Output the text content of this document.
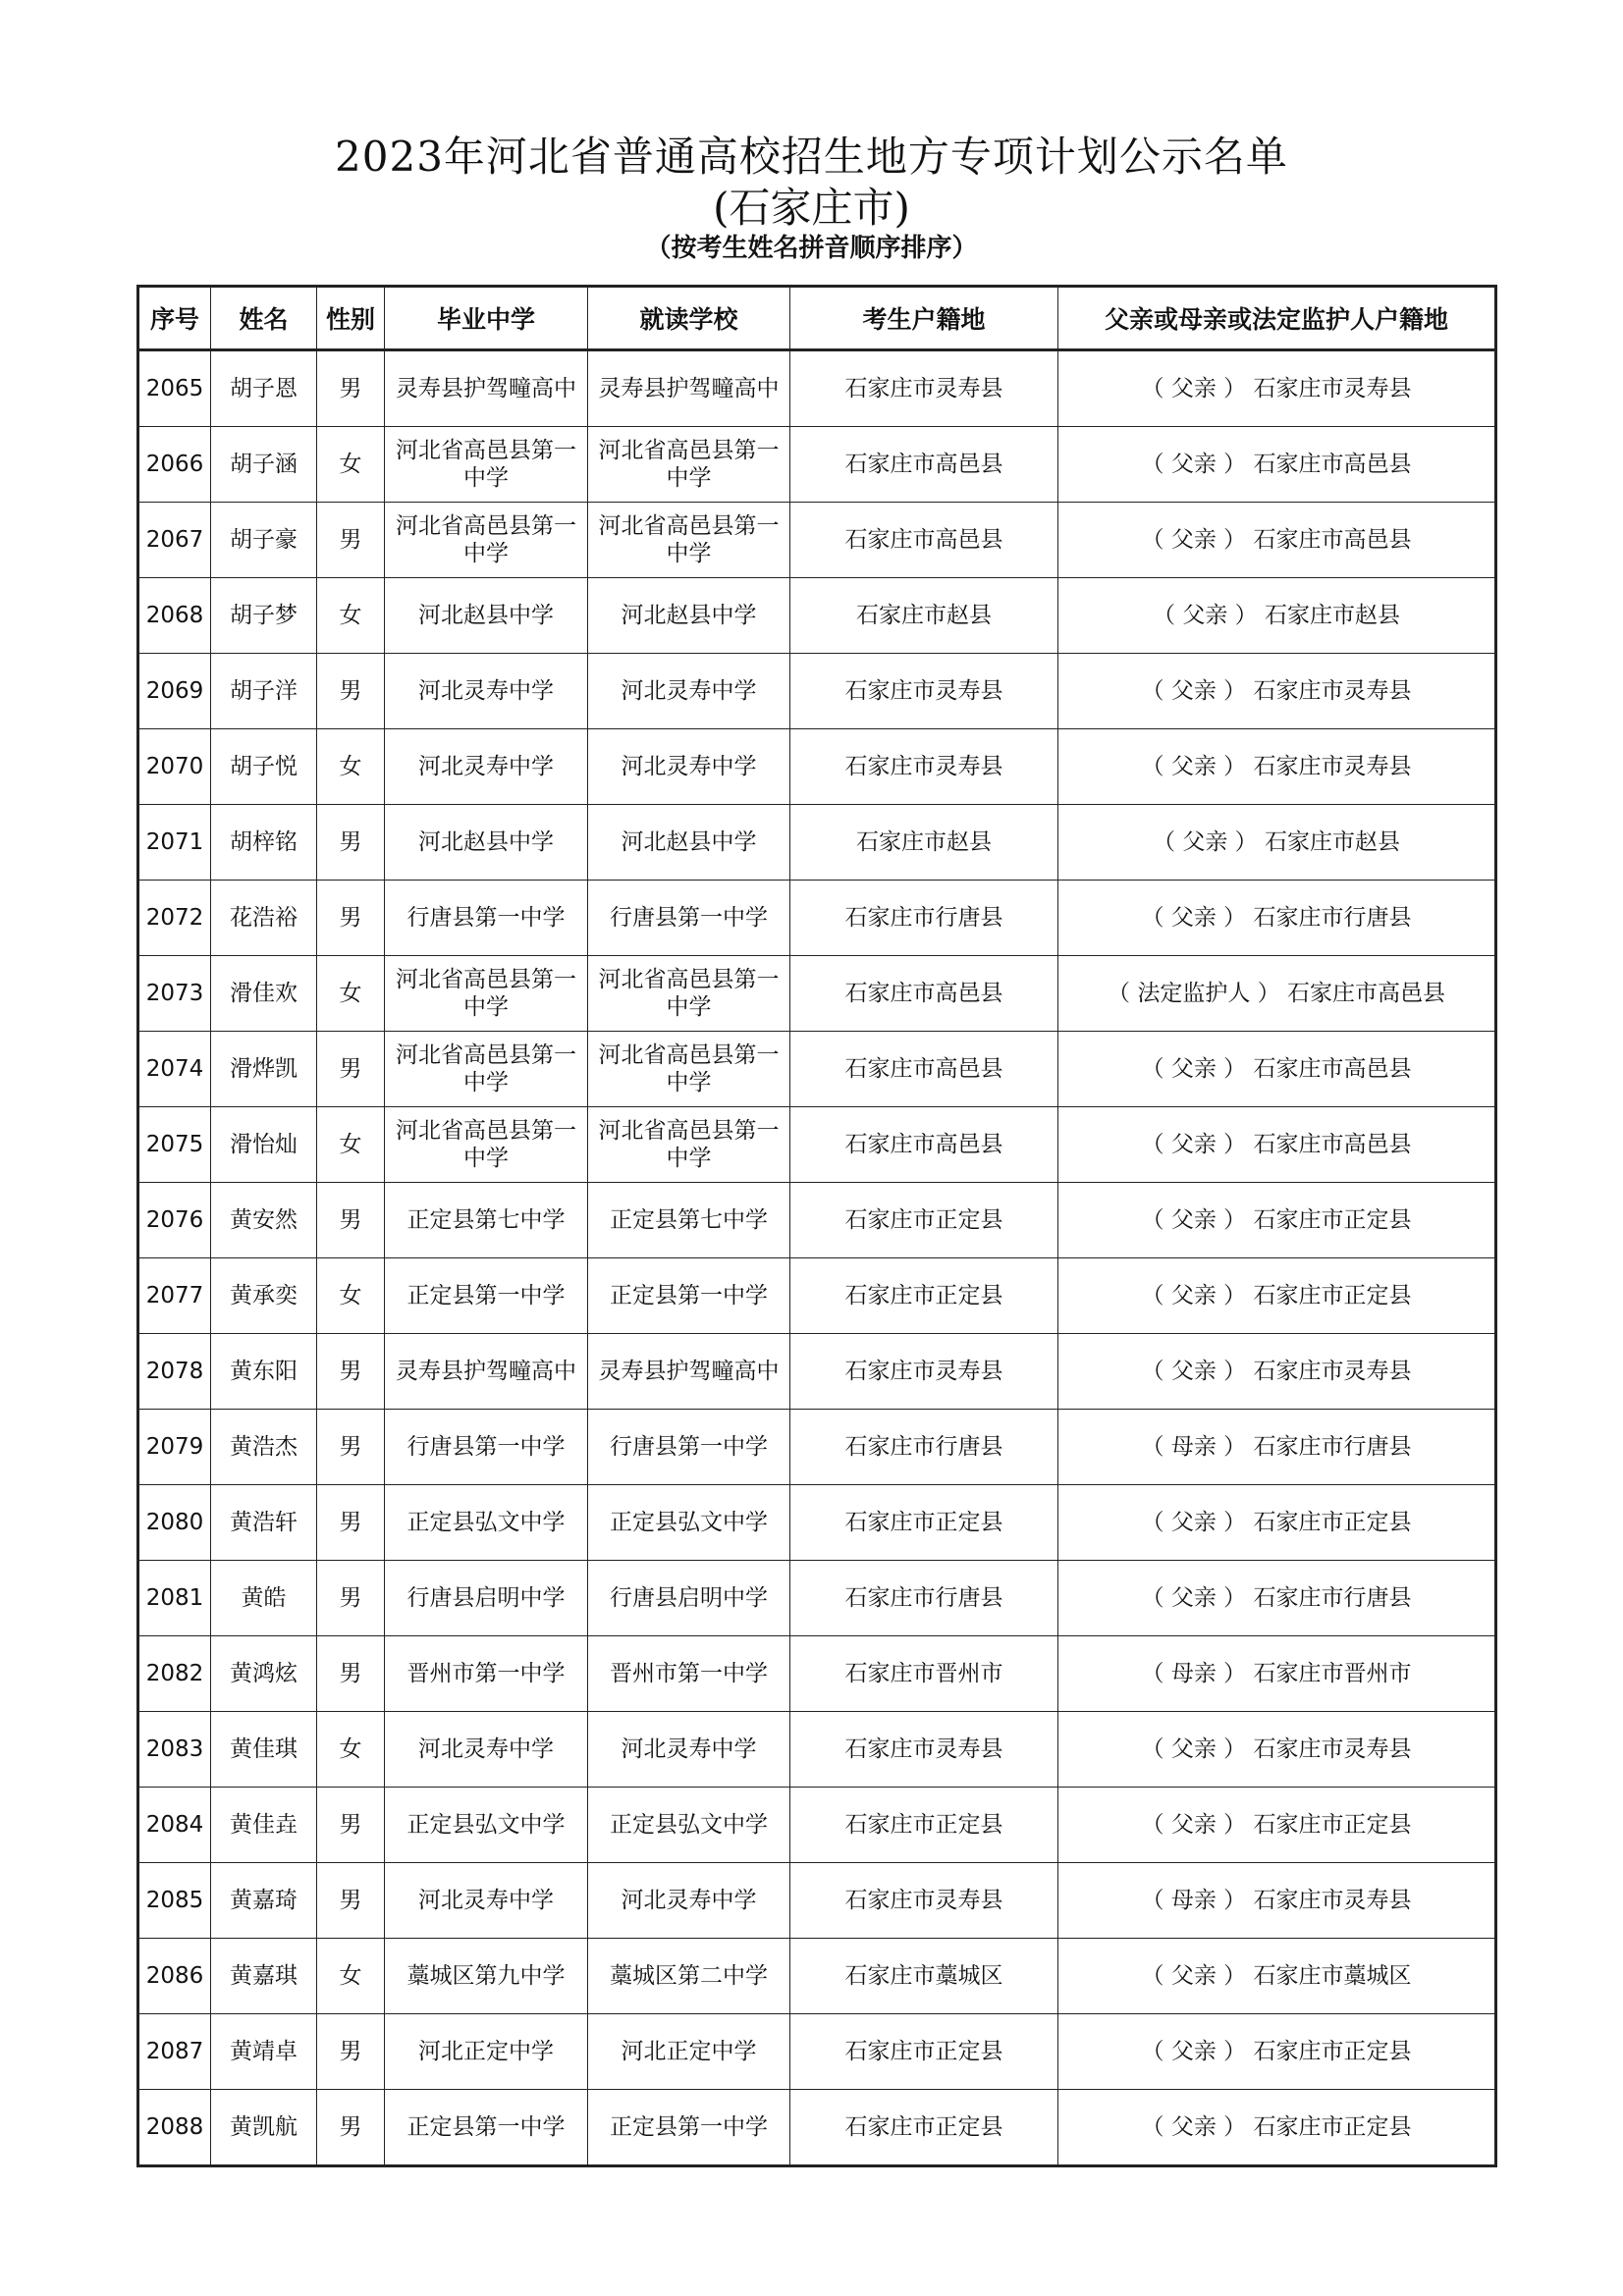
2023年河北省普通高校招生地方专项计划公示名单
(石家庄市)
（按考生姓名拼音顺序排序）
序号	姓名	性别	毕业中学	就读学校	考生户籍地	父亲或母亲或法定监护人户籍地
2065	胡子恩	男	灵寿县护驾疃高中	灵寿县护驾疃高中	石家庄市灵寿县	（ 父亲 ） 石家庄市灵寿县
2066	胡子涵	女	河北省高邑县第一中学	河北省高邑县第一中学	石家庄市高邑县	（ 父亲 ） 石家庄市高邑县
2067	胡子豪	男	河北省高邑县第一中学	河北省高邑县第一中学	石家庄市高邑县	（ 父亲 ） 石家庄市高邑县
2068	胡子梦	女	河北赵县中学	河北赵县中学	石家庄市赵县	（ 父亲 ） 石家庄市赵县
2069	胡子洋	男	河北灵寿中学	河北灵寿中学	石家庄市灵寿县	（ 父亲 ） 石家庄市灵寿县
2070	胡子悦	女	河北灵寿中学	河北灵寿中学	石家庄市灵寿县	（ 父亲 ） 石家庄市灵寿县
2071	胡梓铭	男	河北赵县中学	河北赵县中学	石家庄市赵县	（ 父亲 ） 石家庄市赵县
2072	花浩裕	男	行唐县第一中学	行唐县第一中学	石家庄市行唐县	（ 父亲 ） 石家庄市行唐县
2073	滑佳欢	女	河北省高邑县第一中学	河北省高邑县第一中学	石家庄市高邑县	（ 法定监护人 ） 石家庄市高邑县
2074	滑烨凯	男	河北省高邑县第一中学	河北省高邑县第一中学	石家庄市高邑县	（ 父亲 ） 石家庄市高邑县
2075	滑怡灿	女	河北省高邑县第一中学	河北省高邑县第一中学	石家庄市高邑县	（ 父亲 ） 石家庄市高邑县
2076	黄安然	男	正定县第七中学	正定县第七中学	石家庄市正定县	（ 父亲 ） 石家庄市正定县
2077	黄承奕	女	正定县第一中学	正定县第一中学	石家庄市正定县	（ 父亲 ） 石家庄市正定县
2078	黄东阳	男	灵寿县护驾疃高中	灵寿县护驾疃高中	石家庄市灵寿县	（ 父亲 ） 石家庄市灵寿县
2079	黄浩杰	男	行唐县第一中学	行唐县第一中学	石家庄市行唐县	（ 母亲 ） 石家庄市行唐县
2080	黄浩轩	男	正定县弘文中学	正定县弘文中学	石家庄市正定县	（ 父亲 ） 石家庄市正定县
2081	黄皓	男	行唐县启明中学	行唐县启明中学	石家庄市行唐县	（ 父亲 ） 石家庄市行唐县
2082	黄鸿炫	男	晋州市第一中学	晋州市第一中学	石家庄市晋州市	（ 母亲 ） 石家庄市晋州市
2083	黄佳琪	女	河北灵寿中学	河北灵寿中学	石家庄市灵寿县	（ 父亲 ） 石家庄市灵寿县
2084	黄佳垚	男	正定县弘文中学	正定县弘文中学	石家庄市正定县	（ 父亲 ） 石家庄市正定县
2085	黄嘉琦	男	河北灵寿中学	河北灵寿中学	石家庄市灵寿县	（ 母亲 ） 石家庄市灵寿县
2086	黄嘉琪	女	藁城区第九中学	藁城区第二中学	石家庄市藁城区	（ 父亲 ） 石家庄市藁城区
2087	黄靖卓	男	河北正定中学	河北正定中学	石家庄市正定县	（ 父亲 ） 石家庄市正定县
2088	黄凯航	男	正定县第一中学	正定县第一中学	石家庄市正定县	（ 父亲 ） 石家庄市正定县
